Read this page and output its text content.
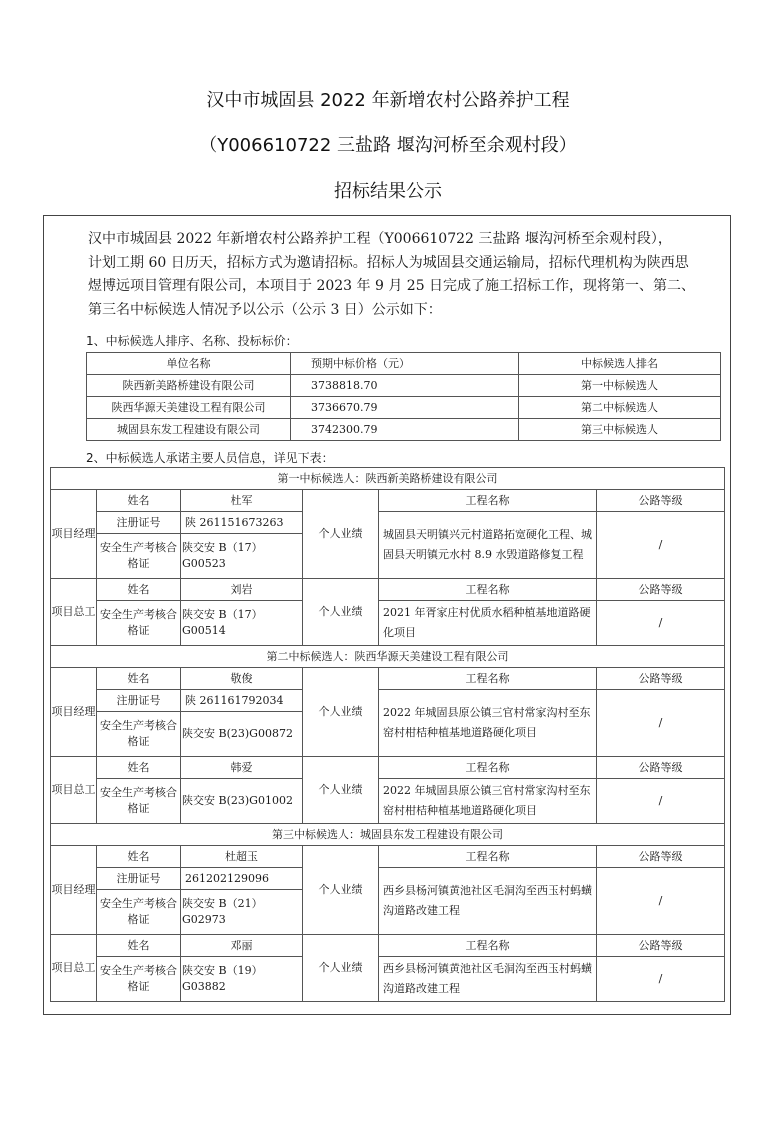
汉中市城固县 2022 年新增农村公路养护工程
（Y006610722 三盐路 堰沟河桥至余观村段）
招标结果公示

汉中市城固县 2022 年新增农村公路养护工程（Y006610722 三盐路 堰沟河桥至余观村段），

计划工期 60 日历天，招标方式为邀请招标。招标人为城固县交通运输局，招标代理机构为陕西思

煜博远项目管理有限公司，本项目于 2023 年 9 月 25 日完成了施工招标工作，现将第一、第二、

第三名中标候选人情况予以公示（公示 3 日）公示如下：

1、中标候选人排序、名称、投标标价：
单位名称	预期中标价格（元）	中标候选人排名
陕西新美路桥建设有限公司	3738818.70	第一中标候选人
陕西华源天美建设工程有限公司	3736670.79	第二中标候选人
城固县东发工程建设有限公司	3742300.79	第三中标候选人
2、中标候选人承诺主要人员信息，详见下表：
第一中标候选人：陕西新美路桥建设有限公司					
项目经理	姓名	杜军	个人业绩	工程名称	公路等级
	注册证号	陕 261151673263		城固县天明镇兴元村道路拓宽硬化工程、城固县天明镇元水村 8.9 水毁道路修复工程	/
	安全生产考核合格证	陕交安 B（17）G00523			
项目总工	姓名	刘岩	个人业绩	工程名称	公路等级
	安全生产考核合格证	陕交安 B（17）G00514		2021 年胥家庄村优质水稻种植基地道路硬化项目	/
第二中标候选人：陕西华源天美建设工程有限公司					
项目经理	姓名	敬俊	个人业绩	工程名称	公路等级
	注册证号	陕 261161792034		2022 年城固县原公镇三官村常家沟村至东窑村柑桔种植基地道路硬化项目	/
	安全生产考核合格证	陕交安 B(23)G00872			
项目总工	姓名	韩爱	个人业绩	工程名称	公路等级
	安全生产考核合格证	陕交安 B(23)G01002		2022 年城固县原公镇三官村常家沟村至东窑村柑桔种植基地道路硬化项目	/
第三中标候选人：城固县东发工程建设有限公司					
项目经理	姓名	杜超玉	个人业绩	工程名称	公路等级
	注册证号	261202129096		西乡县杨河镇黄池社区毛洞沟至西玉村蚂蟥沟道路改建工程	/
	安全生产考核合格证	陕交安 B（21）G02973			
项目总工	姓名	邓丽	个人业绩	工程名称	公路等级
	安全生产考核合格证	陕交安 B（19）G03882		西乡县杨河镇黄池社区毛洞沟至西玉村蚂蟥沟道路改建工程	/
